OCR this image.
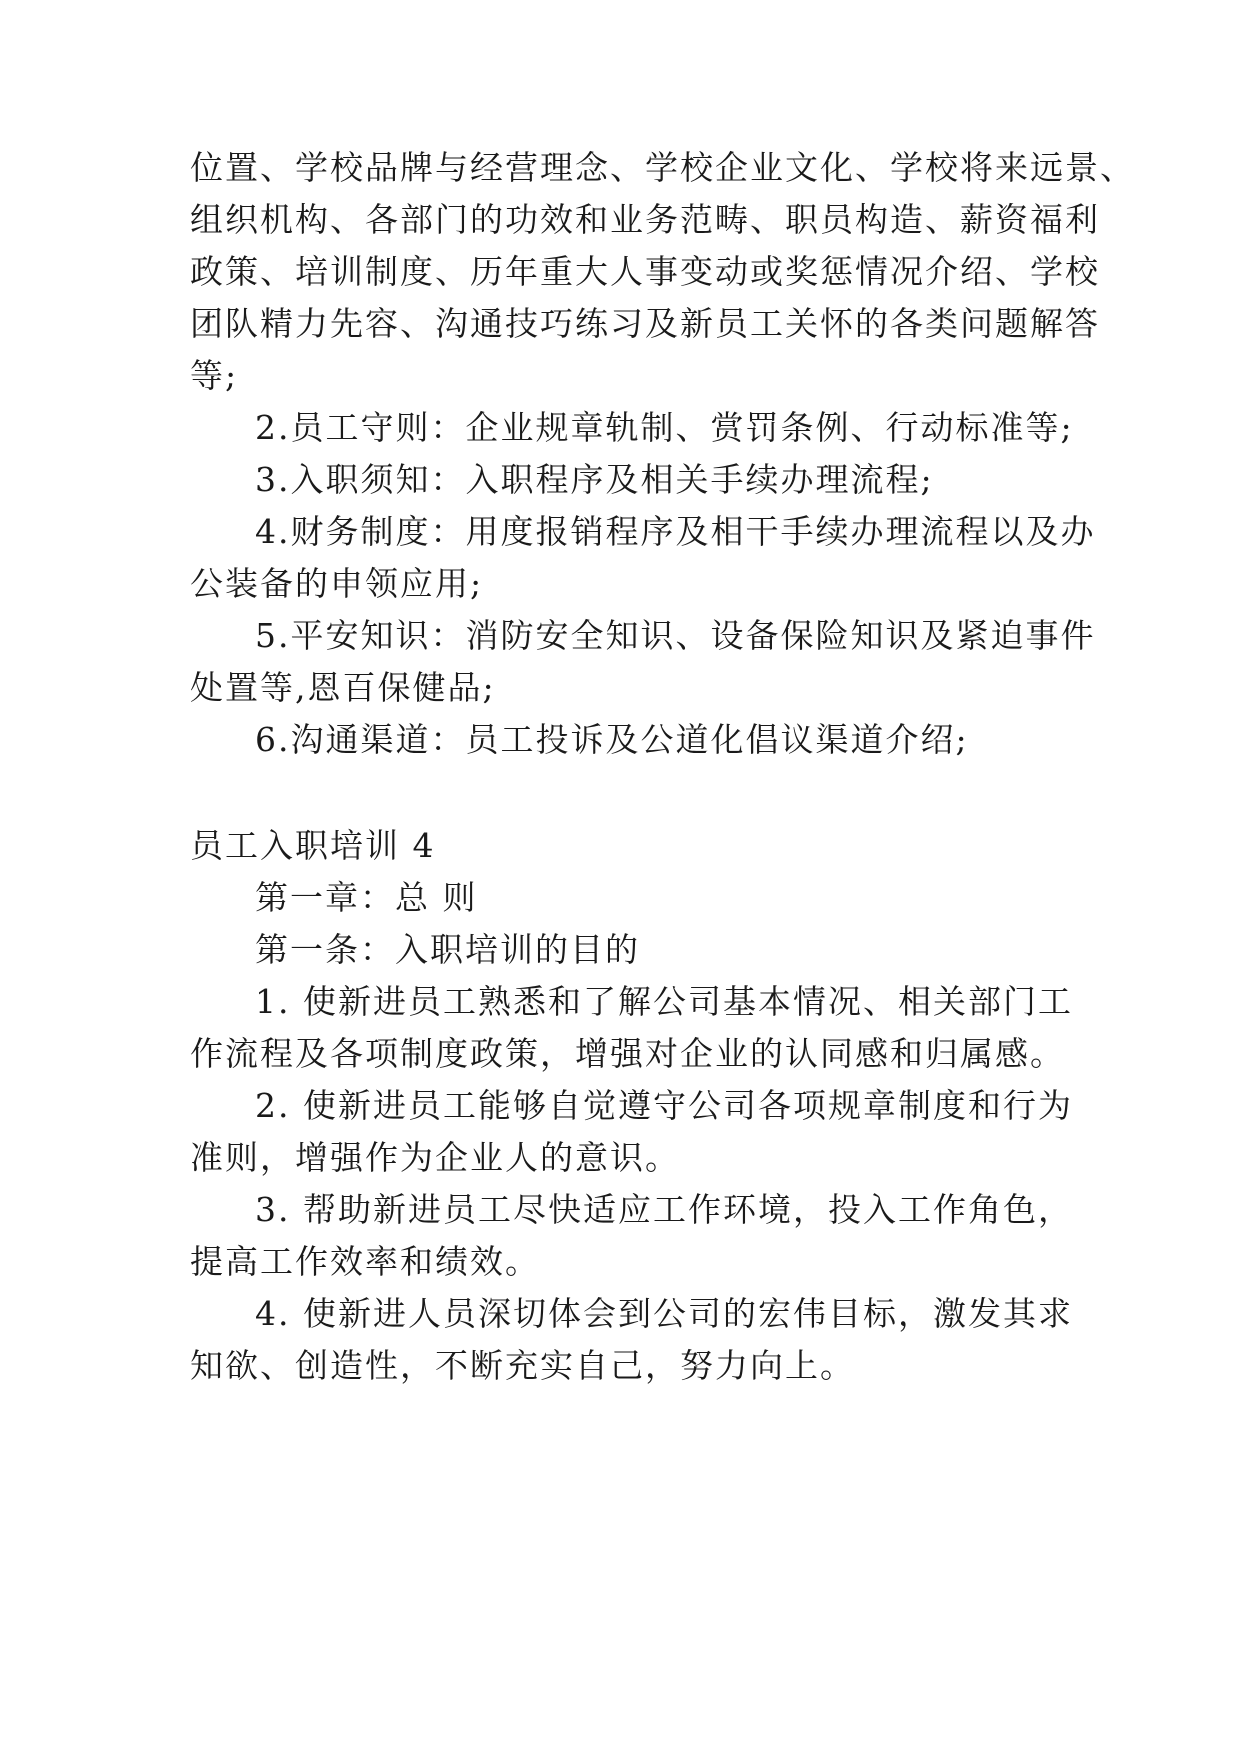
位置、学校品牌与经营理念、学校企业文化、学校将来远景、
组织机构、各部门的功效和业务范畴、职员构造、薪资福利
政策、培训制度、历年重大人事变动或奖惩情况介绍、学校
团队精力先容、沟通技巧练习及新员工关怀的各类问题解答
等;
2.员工守则：企业规章轨制、赏罚条例、行动标准等;
3.入职须知：入职程序及相关手续办理流程;
4.财务制度：用度报销程序及相干手续办理流程以及办
公装备的申领应用;
5.平安知识：消防安全知识、设备保险知识及紧迫事件
处置等,恩百保健品;
6.沟通渠道：员工投诉及公道化倡议渠道介绍;
员工入职培训 4
第一章：总 则
第一条：入职培训的目的
1. 使新进员工熟悉和了解公司基本情况、相关部门工
作流程及各项制度政策，增强对企业的认同感和归属感。
2. 使新进员工能够自觉遵守公司各项规章制度和行为
准则，增强作为企业人的意识。
3. 帮助新进员工尽快适应工作环境，投入工作角色，
提高工作效率和绩效。
4. 使新进人员深切体会到公司的宏伟目标，激发其求
知欲、创造性，不断充实自己，努力向上。
